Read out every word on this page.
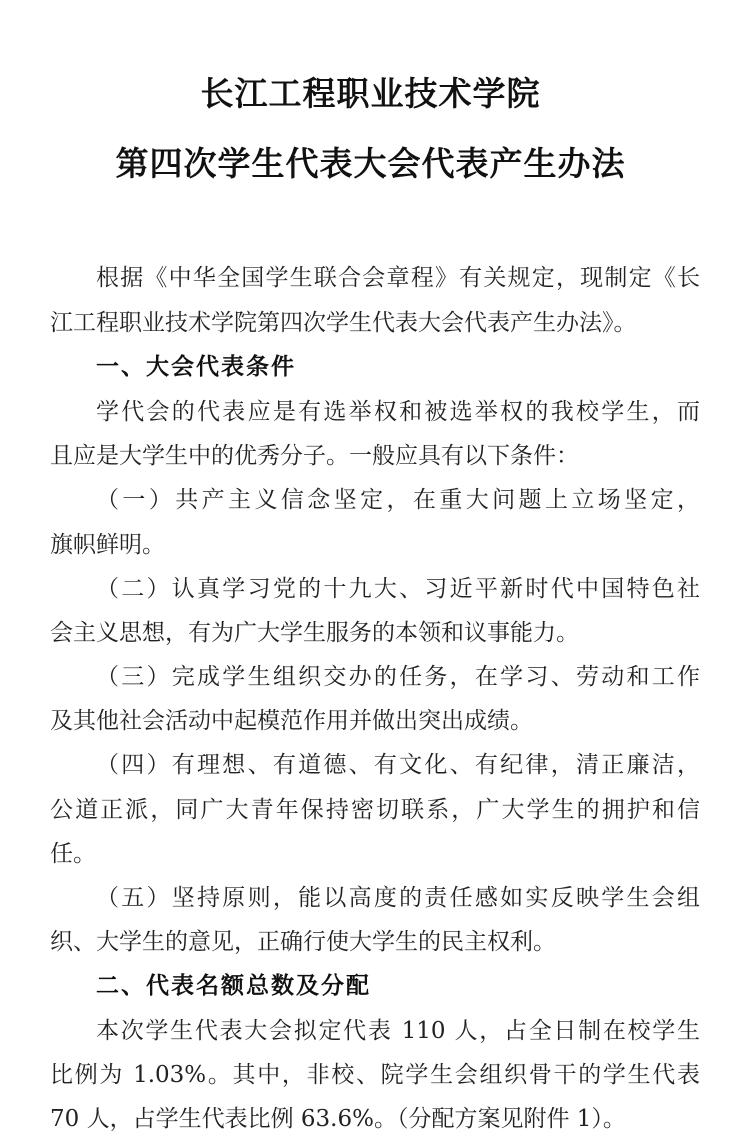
长江工程职业技术学院
第四次学生代表大会代表产生办法
根据《中华全国学生联合会章程》有关规定，现制定《长
江工程职业技术学院第四次学生代表大会代表产生办法》。
一、大会代表条件
学代会的代表应是有选举权和被选举权的我校学生，而
且应是大学生中的优秀分子。一般应具有以下条件：
（一）共产主义信念坚定，在重大问题上立场坚定，
旗帜鲜明。
（二）认真学习党的十九大、习近平新时代中国特色社
会主义思想，有为广大学生服务的本领和议事能力。
（三）完成学生组织交办的任务，在学习、劳动和工作
及其他社会活动中起模范作用并做出突出成绩。
（四）有理想、有道德、有文化、有纪律，清正廉洁，
公道正派，同广大青年保持密切联系，广大学生的拥护和信
任。
（五）坚持原则，能以高度的责任感如实反映学生会组
织、大学生的意见，正确行使大学生的民主权利。
二、代表名额总数及分配
本次学生代表大会拟定代表 110 人，占全日制在校学生
比例为 1.03%。其中，非校、院学生会组织骨干的学生代表
70 人，占学生代表比例 63.6%。（分配方案见附件 1）。
